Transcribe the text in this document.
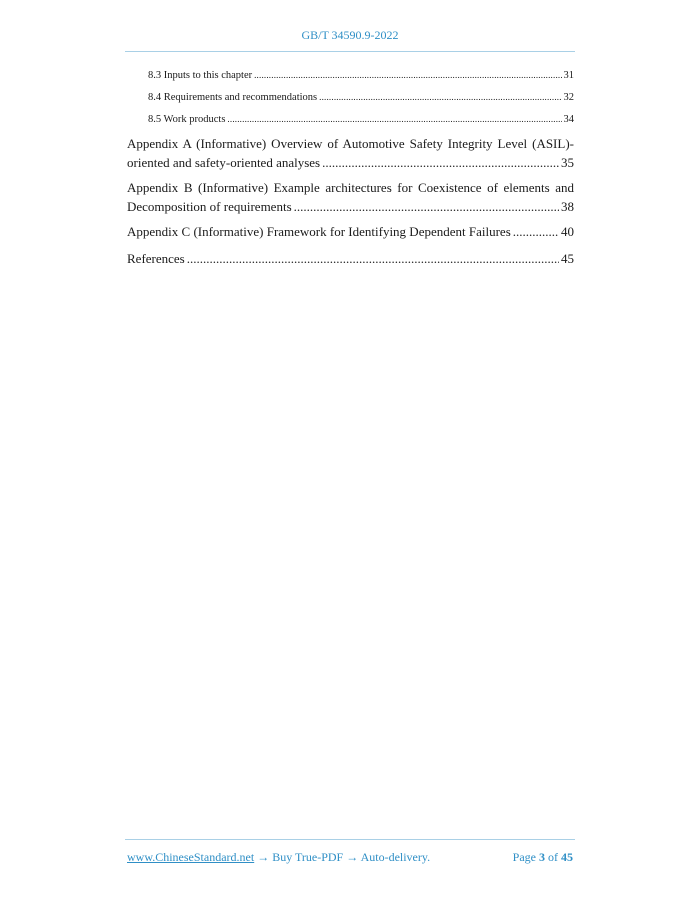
GB/T 34590.9-2022
8.3 Inputs to this chapter .....	31
8.4 Requirements and recommendations .....	32
8.5 Work products .....	34
Appendix A (Informative) Overview of Automotive Safety Integrity Level (ASIL)-
oriented and safety-oriented analyses .....	35
Appendix B (Informative) Example architectures for Coexistence of elements and
Decomposition of requirements .....	38
Appendix C (Informative) Framework for Identifying Dependent Failures .....	40
References .....	45
www.ChineseStandard.net → Buy True-PDF → Auto-delivery.	Page 3 of 45
